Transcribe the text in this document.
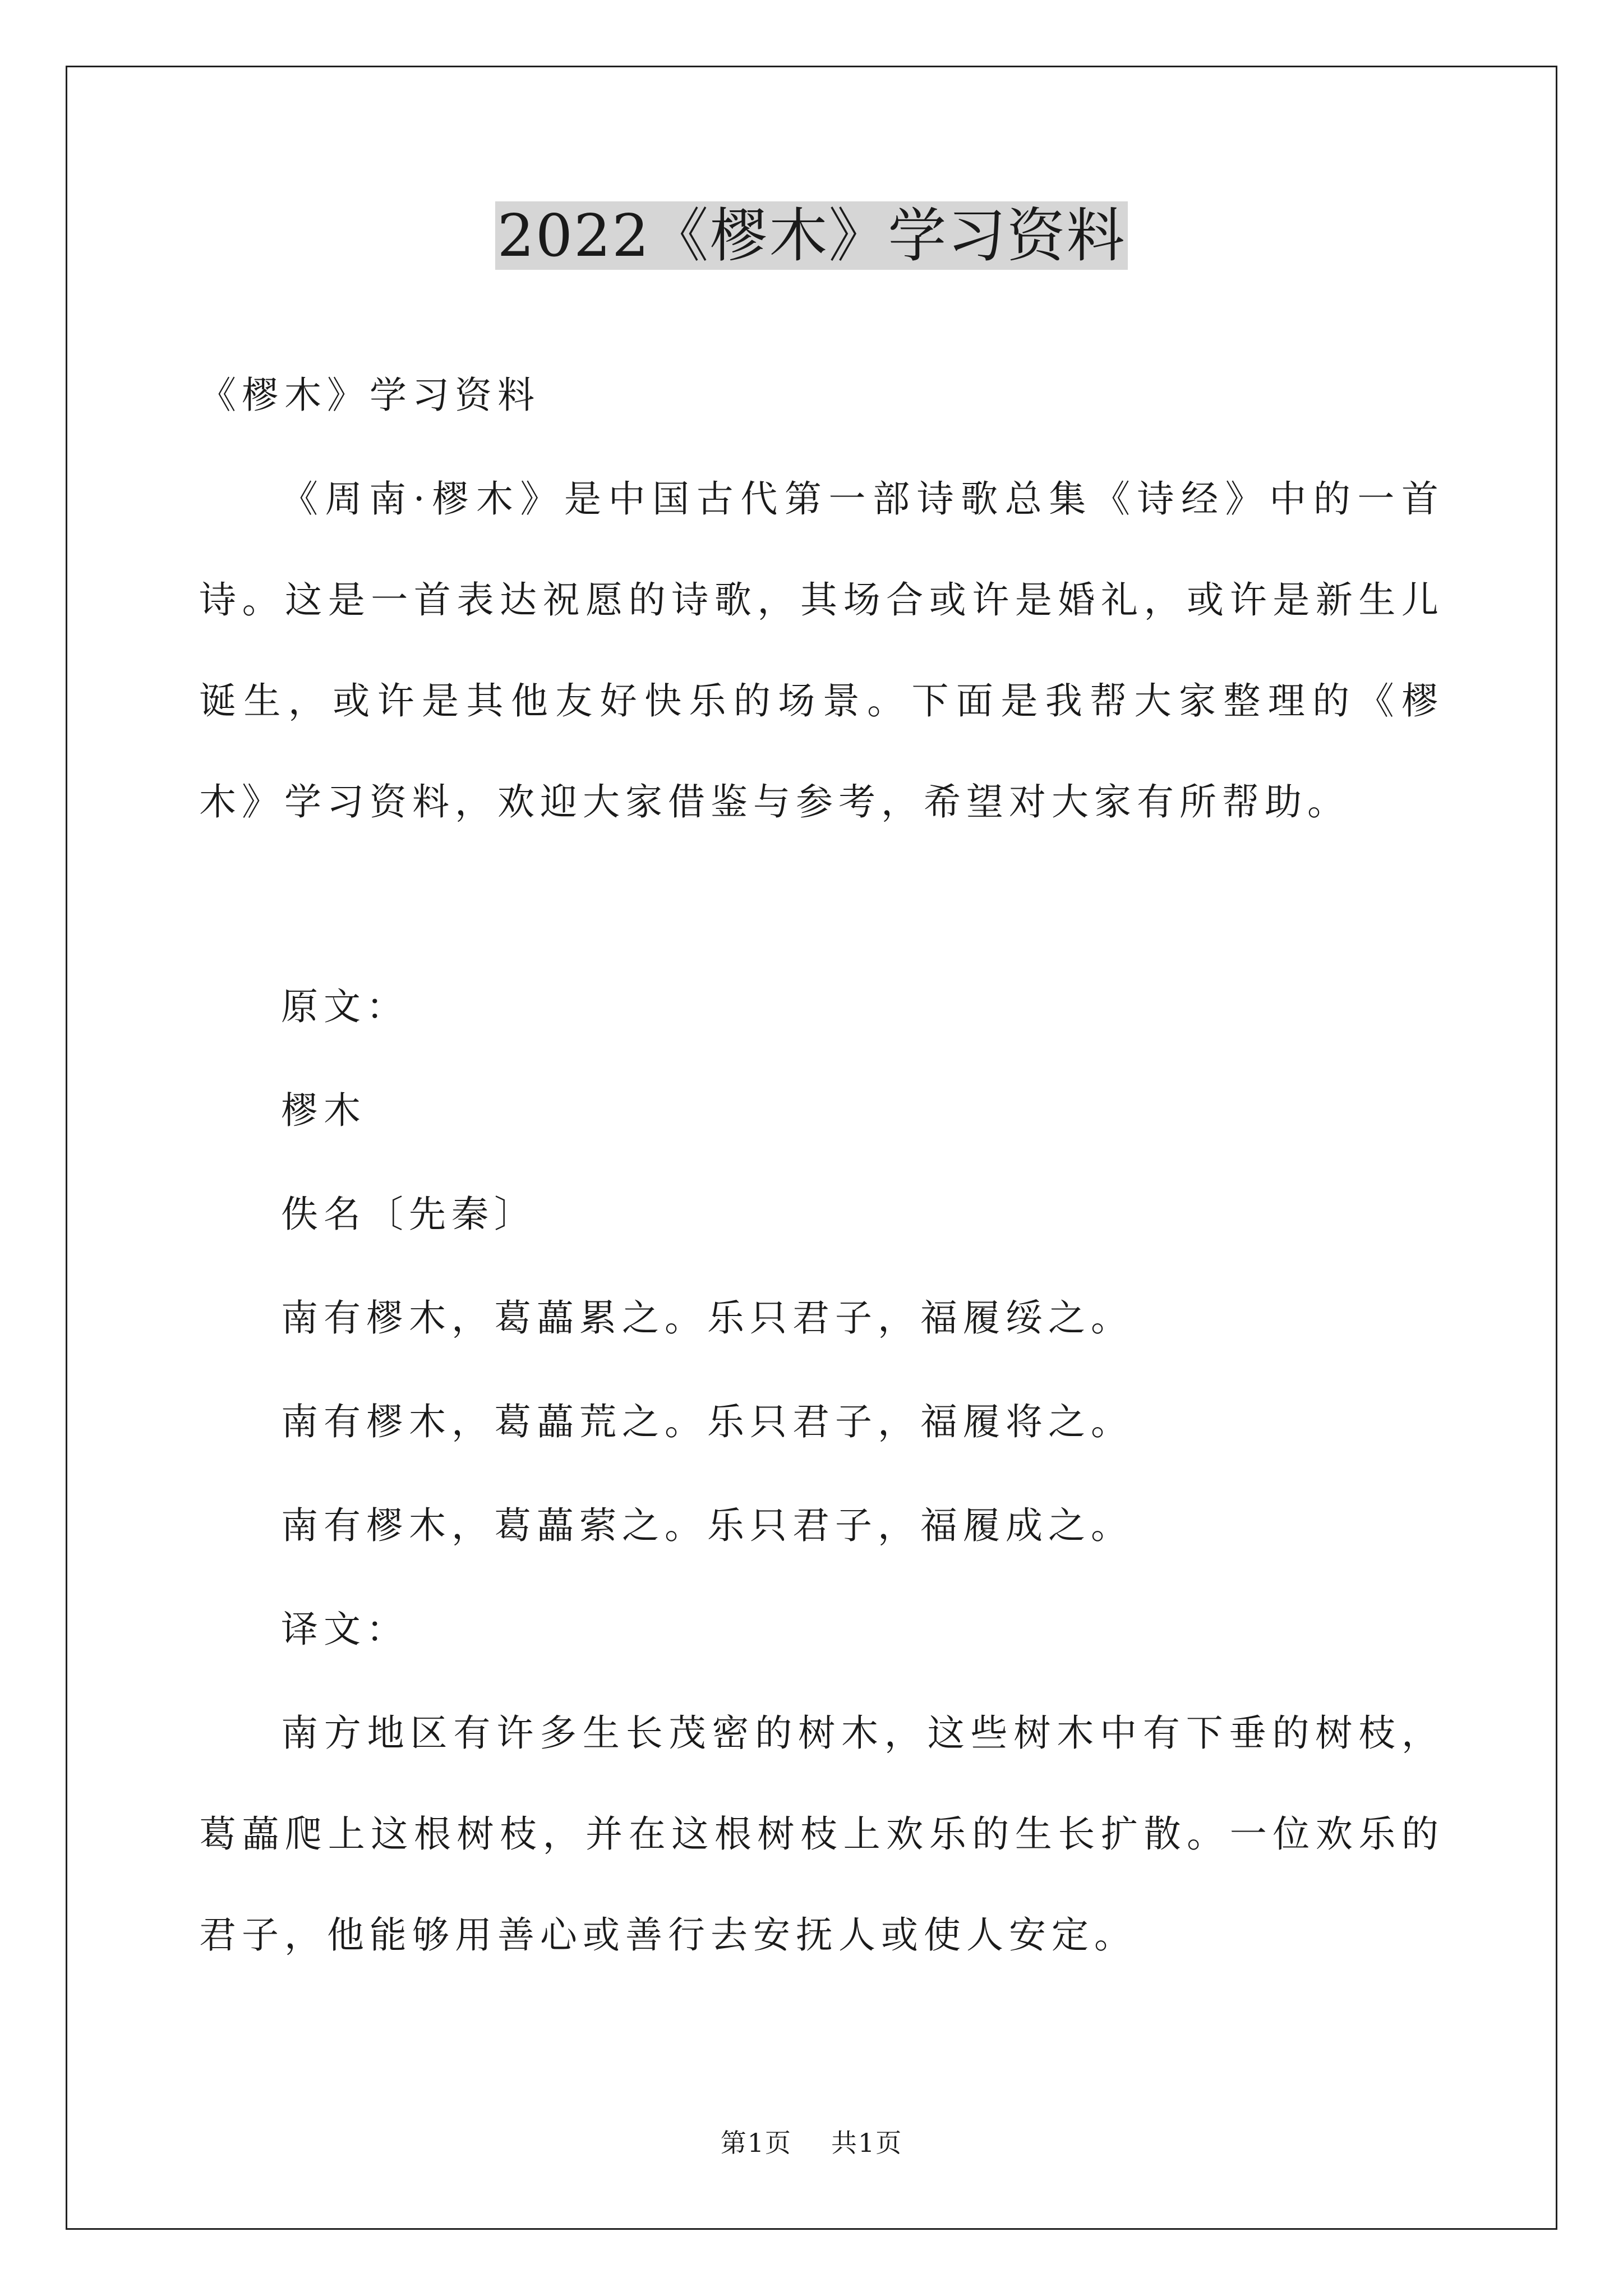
2022《樛木》学习资料
《樛木》学习资料
《周南·樛木》是中国古代第一部诗歌总集《诗经》中的一首诗。这是一首表达祝愿的诗歌，其场合或许是婚礼，或许是新生儿诞生，或许是其他友好快乐的场景。下面是我帮大家整理的《樛木》学习资料，欢迎大家借鉴与参考，希望对大家有所帮助。
原文：
樛木
佚名〔先秦〕
南有樛木，葛藟累之。乐只君子，福履绥之。
南有樛木，葛藟荒之。乐只君子，福履将之。
南有樛木，葛藟萦之。乐只君子，福履成之。
译文：
南方地区有许多生长茂密的树木，这些树木中有下垂的树枝，葛藟爬上这根树枝，并在这根树枝上欢乐的生长扩散。一位欢乐的君子，他能够用善心或善行去安抚人或使人安定。
第1页 共1页
